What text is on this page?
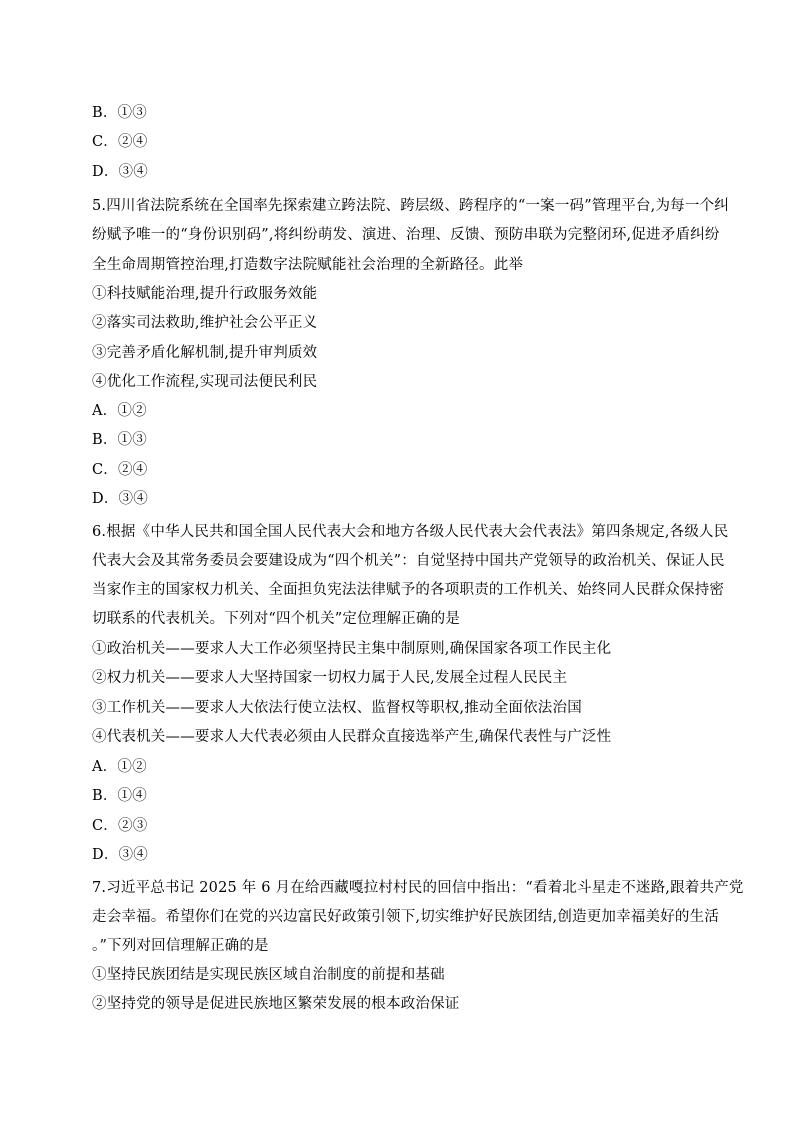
B．①③
C．②④
D．③④
5.四川省法院系统在全国率先探索建立跨法院、跨层级、跨程序的“一案一码”管理平台,为每一个纠
纷赋予唯一的“身份识别码”,将纠纷萌发、演进、治理、反馈、预防串联为完整闭环,促进矛盾纠纷
全生命周期管控治理,打造数字法院赋能社会治理的全新路径。此举
①科技赋能治理,提升行政服务效能
②落实司法救助,维护社会公平正义
③完善矛盾化解机制,提升审判质效
④优化工作流程,实现司法便民利民
A．①②
B．①③
C．②④
D．③④
6.根据《中华人民共和国全国人民代表大会和地方各级人民代表大会代表法》第四条规定,各级人民
代表大会及其常务委员会要建设成为“四个机关”：自觉坚持中国共产党领导的政治机关、保证人民
当家作主的国家权力机关、全面担负宪法法律赋予的各项职责的工作机关、始终同人民群众保持密
切联系的代表机关。下列对“四个机关”定位理解正确的是
①政治机关——要求人大工作必须坚持民主集中制原则,确保国家各项工作民主化
②权力机关——要求人大坚持国家一切权力属于人民,发展全过程人民民主
③工作机关——要求人大依法行使立法权、监督权等职权,推动全面依法治国
④代表机关——要求人大代表必须由人民群众直接选举产生,确保代表性与广泛性
A．①②
B．①④
C．②③
D．③④
7.习近平总书记 2025 年 6 月在给西藏嘎拉村村民的回信中指出：“看着北斗星走不迷路,跟着共产党
走会幸福。希望你们在党的兴边富民好政策引领下,切实维护好民族团结,创造更加幸福美好的生活
。”下列对回信理解正确的是
①坚持民族团结是实现民族区域自治制度的前提和基础
②坚持党的领导是促进民族地区繁荣发展的根本政治保证
